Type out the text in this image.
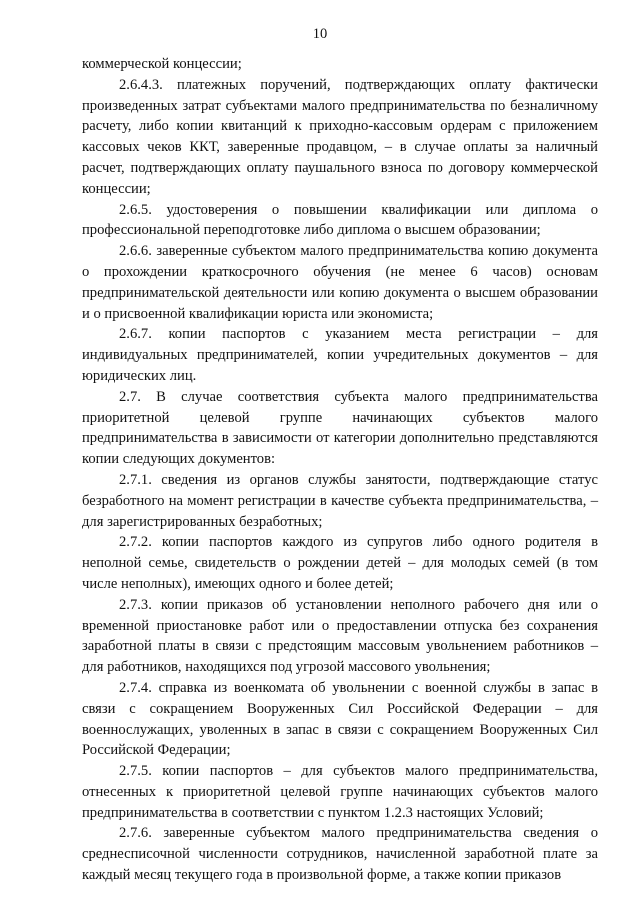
10

коммерческой концессии;

2.6.4.3. платежных поручений, подтверждающих оплату фактически произведенных затрат субъектами малого предпринимательства по безналичному расчету, либо копии квитанций к приходно-кассовым ордерам с приложением кассовых чеков ККТ, заверенные продавцом, – в случае оплаты за наличный расчет, подтверждающих оплату паушального взноса по договору коммерческой концессии;

2.6.5. удостоверения о повышении квалификации или диплома о профессиональной переподготовке либо диплома о высшем образовании;

2.6.6. заверенные субъектом малого предпринимательства копию документа о прохождении краткосрочного обучения (не менее 6 часов) основам предпринимательской деятельности или копию документа о высшем образовании и о присвоенной квалификации юриста или экономиста;

2.6.7. копии паспортов с указанием места регистрации – для индивидуальных предпринимателей, копии учредительных документов – для юридических лиц.

2.7. В случае соответствия субъекта малого предпринимательства приоритетной целевой группе начинающих субъектов малого предпринимательства в зависимости от категории дополнительно представляются копии следующих документов:

2.7.1. сведения из органов службы занятости, подтверждающие статус безработного на момент регистрации в качестве субъекта предпринимательства, – для зарегистрированных безработных;

2.7.2. копии паспортов каждого из супругов либо одного родителя в неполной семье, свидетельств о рождении детей – для молодых семей (в том числе неполных), имеющих одного и более детей;

2.7.3. копии приказов об установлении неполного рабочего дня или о временной приостановке работ или о предоставлении отпуска без сохранения заработной платы в связи с предстоящим массовым увольнением работников – для работников, находящихся под угрозой массового увольнения;

2.7.4. справка из военкомата об увольнении с военной службы в запас в связи с сокращением Вооруженных Сил Российской Федерации – для военнослужащих, уволенных в запас в связи с сокращением Вооруженных Сил Российской Федерации;

2.7.5. копии паспортов – для субъектов малого предпринимательства, отнесенных к приоритетной целевой группе начинающих субъектов малого предпринимательства в соответствии с пунктом 1.2.3 настоящих Условий;

2.7.6. заверенные субъектом малого предпринимательства сведения о среднесписочной численности сотрудников, начисленной заработной плате за каждый месяц текущего года в произвольной форме, а также копии приказов
